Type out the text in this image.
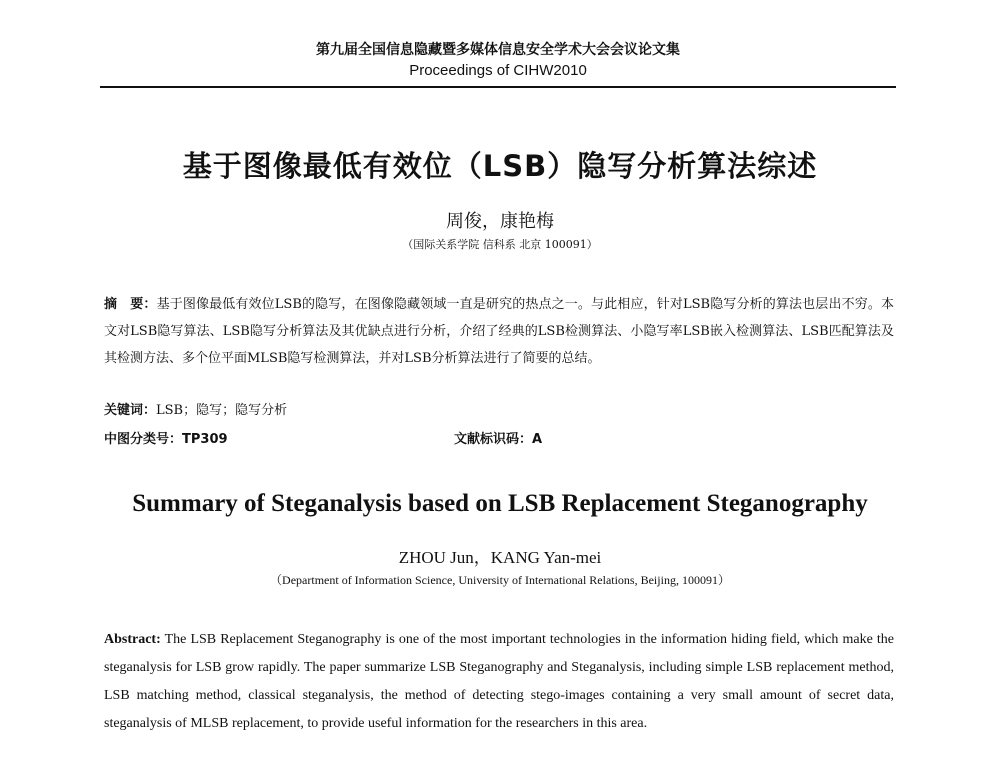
第九届全国信息隐藏暨多媒体信息安全学术大会会议论文集
Proceedings of CIHW2010
基于图像最低有效位（LSB）隐写分析算法综述
周俊，康艳梅
（国际关系学院 信科系 北京 100091）
摘　要：基于图像最低有效位LSB的隐写，在图像隐藏领域一直是研究的热点之一。与此相应，针对LSB隐写分析的算法也层出不穷。本文对LSB隐写算法、LSB隐写分析算法及其优缺点进行分析，介绍了经典的LSB检测算法、小隐写率LSB嵌入检测算法、LSB匹配算法及其检测方法、多个位平面MLSB隐写检测算法，并对LSB分析算法进行了简要的总结。
关键词：LSB；隐写；隐写分析
中图分类号：TP309	文献标识码：A
Summary of Steganalysis based on LSB Replacement Steganography
ZHOU Jun，KANG Yan-mei
（Department of Information Science, University of International Relations, Beijing, 100091）
Abstract: The LSB Replacement Steganography is one of the most important technologies in the information hiding field, which make the steganalysis for LSB grow rapidly. The paper summarize LSB Steganography and Steganalysis, including simple LSB replacement method, LSB matching method, classical steganalysis, the method of detecting stego-images containing a very small amount of secret data, steganalysis of MLSB replacement, to provide useful information for the researchers in this area.
